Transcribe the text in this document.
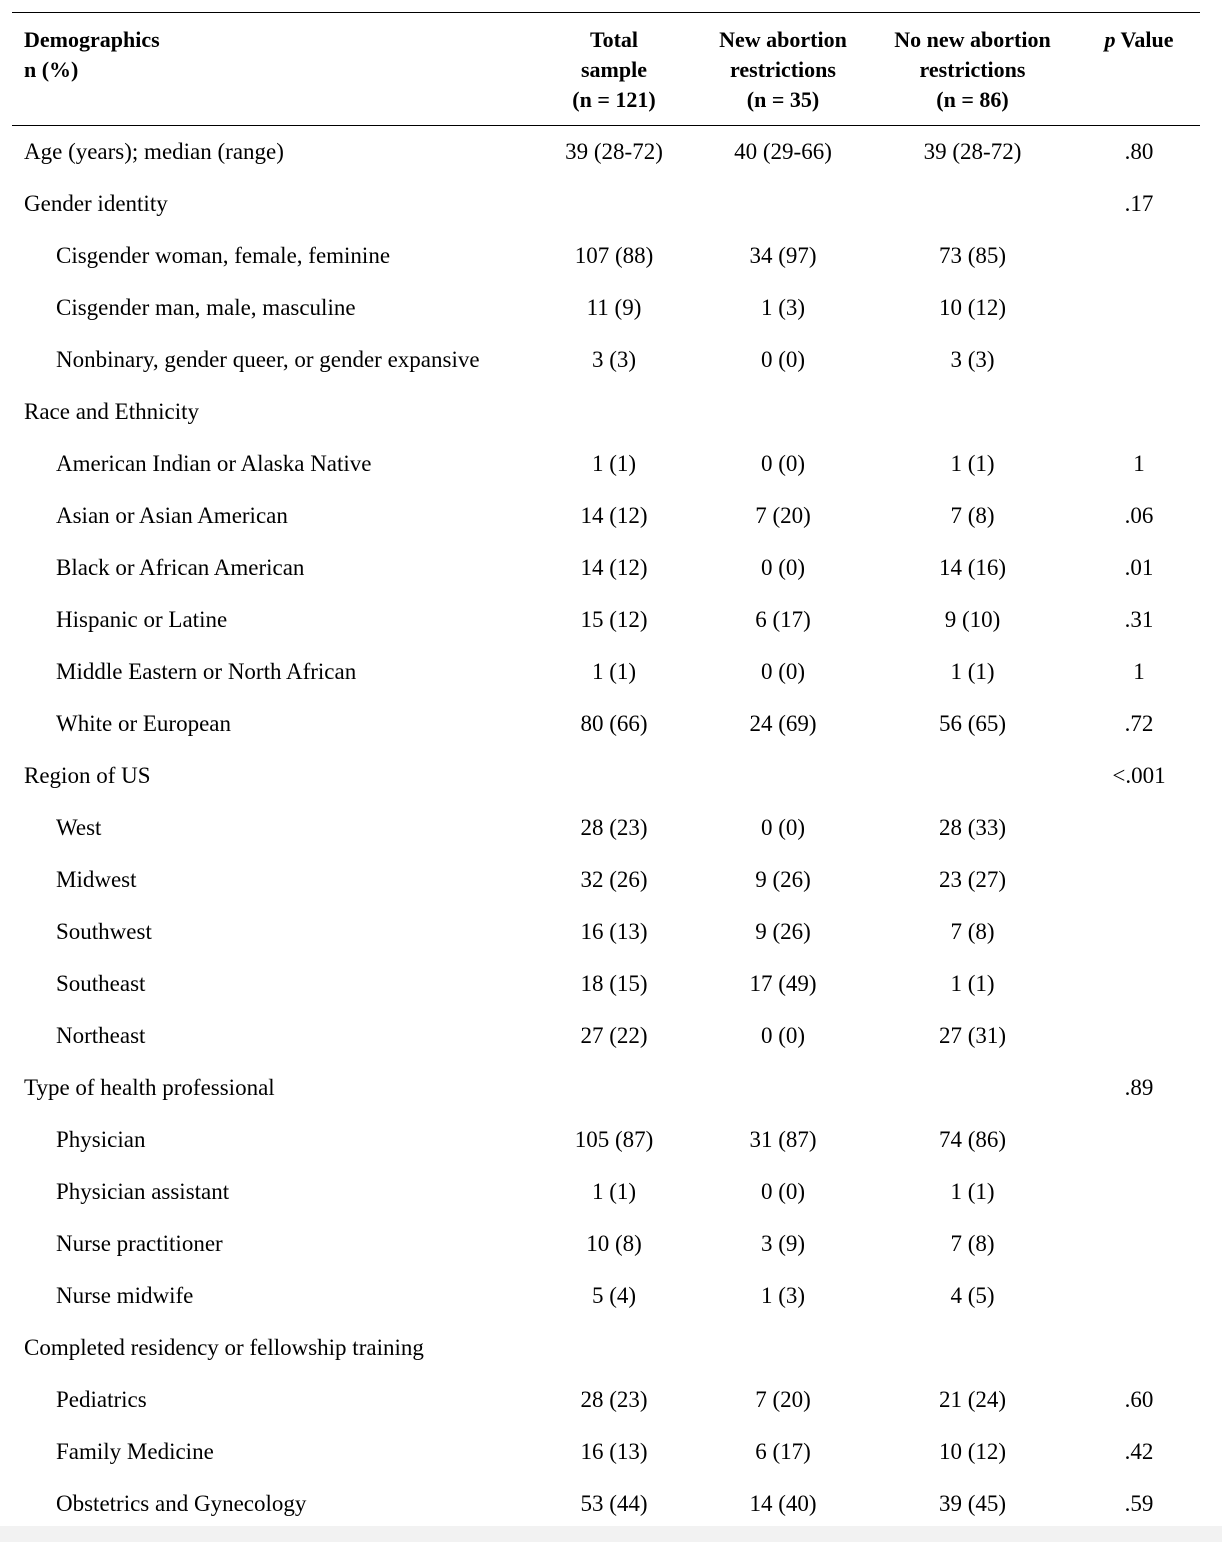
Demographics
n (%)	Total
sample
(n = 121)	New abortion
restrictions
(n = 35)	No new abortion
restrictions
(n = 86)	p Value
Age (years); median (range)	39 (28-72)	40 (29-66)	39 (28-72)	.80
Gender identity				.17
Cisgender woman, female, feminine	107 (88)	34 (97)	73 (85)	
Cisgender man, male, masculine	11 (9)	1 (3)	10 (12)	
Nonbinary, gender queer, or gender expansive	3 (3)	0 (0)	3 (3)	
Race and Ethnicity				
American Indian or Alaska Native	1 (1)	0 (0)	1 (1)	1
Asian or Asian American	14 (12)	7 (20)	7 (8)	.06
Black or African American	14 (12)	0 (0)	14 (16)	.01
Hispanic or Latine	15 (12)	6 (17)	9 (10)	.31
Middle Eastern or North African	1 (1)	0 (0)	1 (1)	1
White or European	80 (66)	24 (69)	56 (65)	.72
Region of US				<.001
West	28 (23)	0 (0)	28 (33)	
Midwest	32 (26)	9 (26)	23 (27)	
Southwest	16 (13)	9 (26)	7 (8)	
Southeast	18 (15)	17 (49)	1 (1)	
Northeast	27 (22)	0 (0)	27 (31)	
Type of health professional				.89
Physician	105 (87)	31 (87)	74 (86)	
Physician assistant	1 (1)	0 (0)	1 (1)	
Nurse practitioner	10 (8)	3 (9)	7 (8)	
Nurse midwife	5 (4)	1 (3)	4 (5)	
Completed residency or fellowship training				
Pediatrics	28 (23)	7 (20)	21 (24)	.60
Family Medicine	16 (13)	6 (17)	10 (12)	.42
Obstetrics and Gynecology	53 (44)	14 (40)	39 (45)	.59
